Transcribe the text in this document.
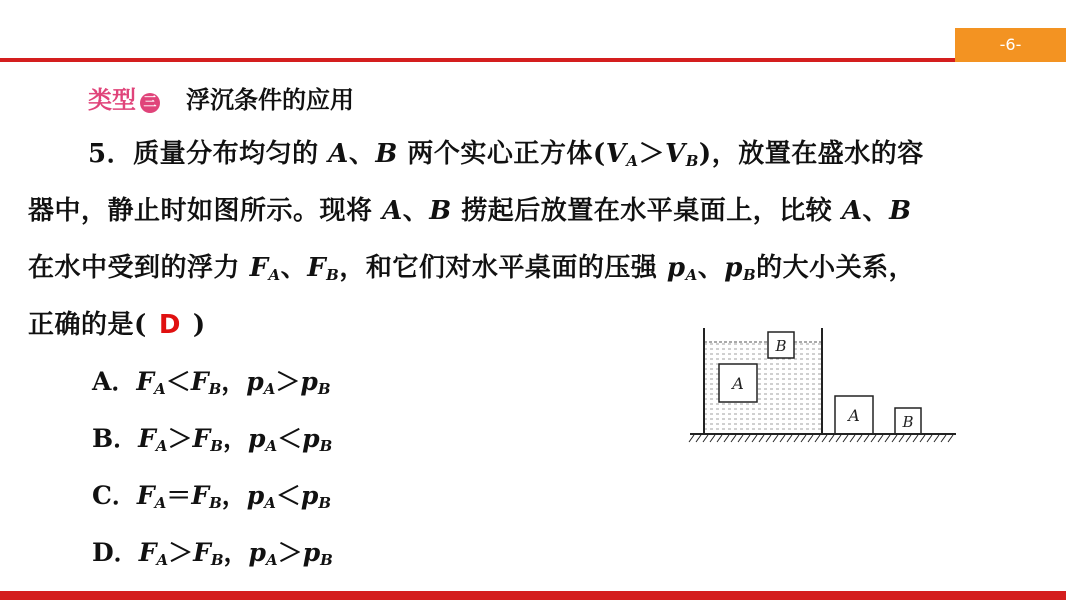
-6-
类型 三 浮沉条件的应用
5．质量分布均匀的 A、B 两个实心正方体$(V_A>V_B)$，放置在盛水的容
器中，静止时如图所示。现将 A、B 捞起后放置在水平桌面上，比较 A、B
在水中受到的浮力 $F_A$、$F_B$，和它们对水平桌面的压强 $p_A$、$p_B$的大小关系，
正确的是( D )
A．$F_A<F_B$，$p_A>p_B$
B．$F_A>F_B$，$p_A<p_B$
C．$F_A=F_B$，$p_A<p_B$
D．$F_A>F_B$，$p_A>p_B$
A
B
A	B
